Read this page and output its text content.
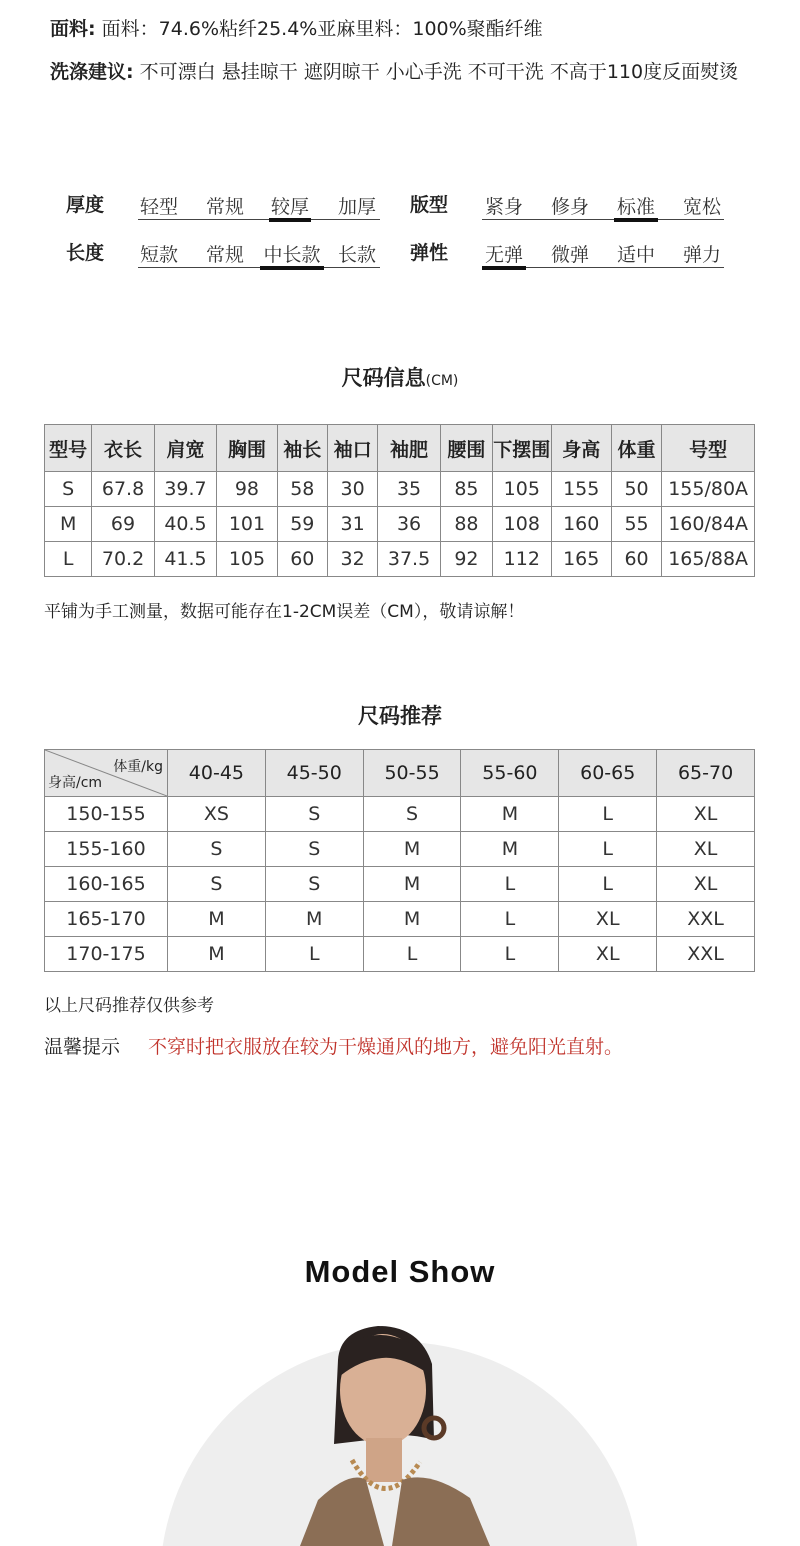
面料: 面料：74.6%粘纤25.4%亚麻里料：100%聚酯纤维
洗涤建议: 不可漂白 悬挂晾干 遮阴晾干 小心手洗 不可干洗 不高于110度反面熨烫
厚度 轻型 常规 较厚 加厚 版型 紧身 修身 标准 宽松
长度 短款 常规 中长款 长款 弹性 无弹 微弹 适中 弹力
尺码信息(CM)
型号	衣长	肩宽	胸围	袖长	袖口	袖肥	腰围	下摆围	身高	体重	号型
S	67.8	39.7	98	58	30	35	85	105	155	50	155/80A
M	69	40.5	101	59	31	36	88	108	160	55	160/84A
L	70.2	41.5	105	60	32	37.5	92	112	165	60	165/88A
平铺为手工测量，数据可能存在1-2CM误差（CM），敬请谅解！
尺码推荐
体重/kg
身高/cm	40-45	45-50	50-55	55-60	60-65	65-70
150-155	XS	S	S	M	L	XL
155-160	S	S	M	M	L	XL
160-165	S	S	M	L	L	XL
165-170	M	M	M	L	XL	XXL
170-175	M	L	L	L	XL	XXL
以上尺码推荐仅供参考
温馨提示 不穿时把衣服放在较为干燥通风的地方，避免阳光直射。
Model Show
